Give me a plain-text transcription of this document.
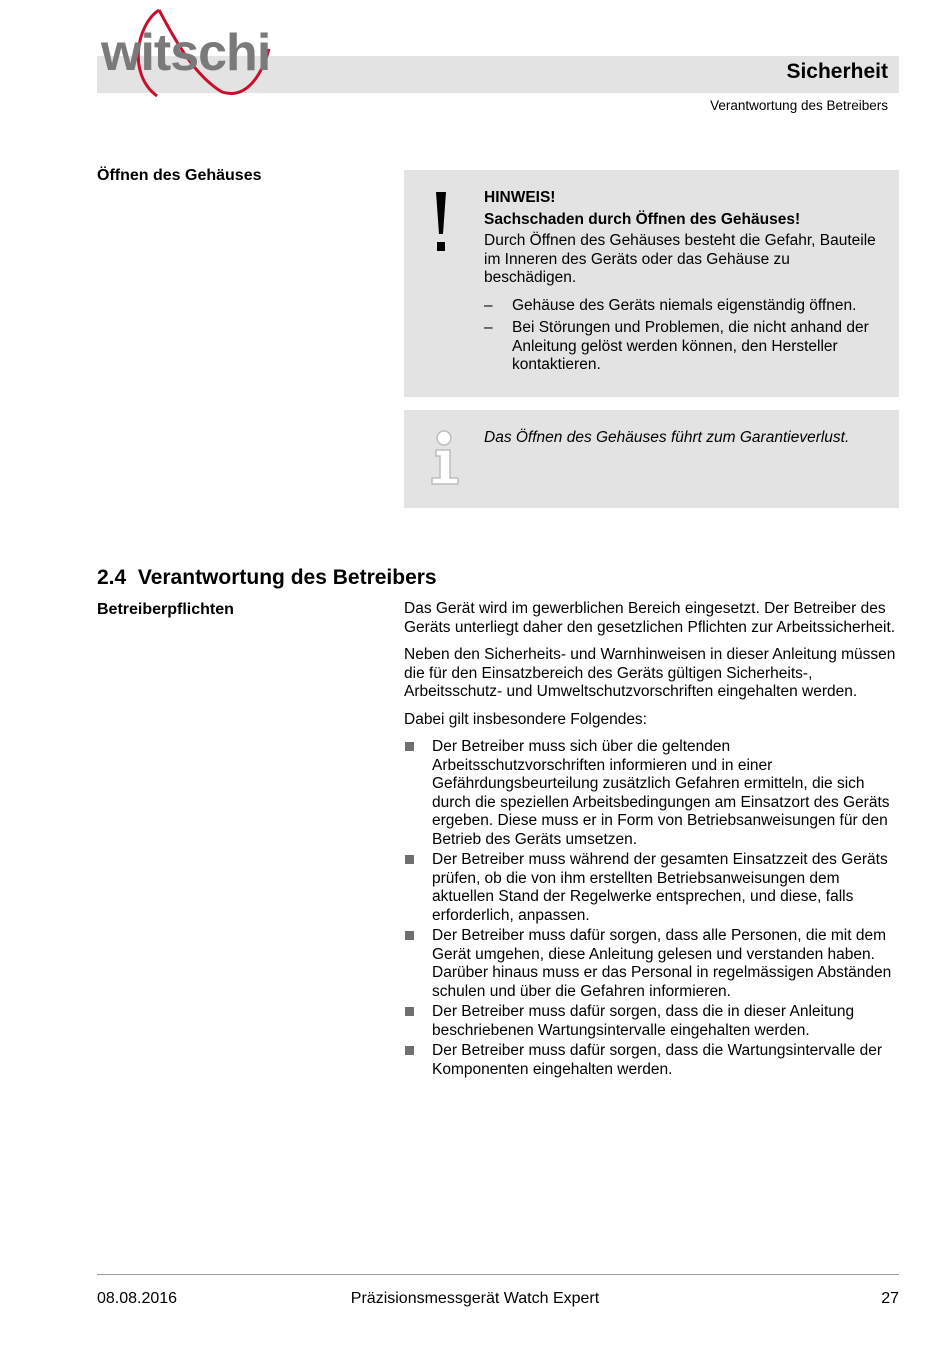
witschi	Sicherheit
Verantwortung des Betreibers
Öffnen des Gehäuses
HINWEIS!
Sachschaden durch Öffnen des Gehäuses!

Durch Öffnen des Gehäuses besteht die Gefahr, Bauteile im Inneren des Geräts oder das Gehäuse zu beschädigen.

– Gehäuse des Geräts niemals eigenständig öffnen.
– Bei Störungen und Problemen, die nicht anhand der Anleitung gelöst werden können, den Hersteller kontaktieren.
Das Öffnen des Gehäuses führt zum Garantieverlust.
2.4  Verantwortung des Betreibers
Betreiberpflichten	Das Gerät wird im gewerblichen Bereich eingesetzt. Der Betreiber des Geräts unterliegt daher den gesetzlichen Pflichten zur Arbeitssicherheit.

Neben den Sicherheits- und Warnhinweisen in dieser Anleitung müssen die für den Einsatzbereich des Geräts gültigen Sicherheits-, Arbeitsschutz- und Umweltschutzvorschriften eingehalten werden.

Dabei gilt insbesondere Folgendes:

Der Betreiber muss sich über die geltenden Arbeitsschutzvorschriften informieren und in einer Gefährdungsbeurteilung zusätzlich Gefahren ermitteln, die sich durch die speziellen Arbeitsbedingungen am Einsatzort des Geräts ergeben. Diese muss er in Form von Betriebsanweisungen für den Betrieb des Geräts umsetzen.
Der Betreiber muss während der gesamten Einsatzzeit des Geräts prüfen, ob die von ihm erstellten Betriebsanweisungen dem aktuellen Stand der Regelwerke entsprechen, und diese, falls erforderlich, anpassen.
Der Betreiber muss dafür sorgen, dass alle Personen, die mit dem Gerät umgehen, diese Anleitung gelesen und verstanden haben. Darüber hinaus muss er das Personal in regelmässigen Abständen schulen und über die Gefahren informieren.
Der Betreiber muss dafür sorgen, dass die in dieser Anleitung beschriebenen Wartungsintervalle eingehalten werden.
Der Betreiber muss dafür sorgen, dass die Wartungsintervalle der Komponenten eingehalten werden.
08.08.2016	Präzisionsmessgerät Watch Expert	27
